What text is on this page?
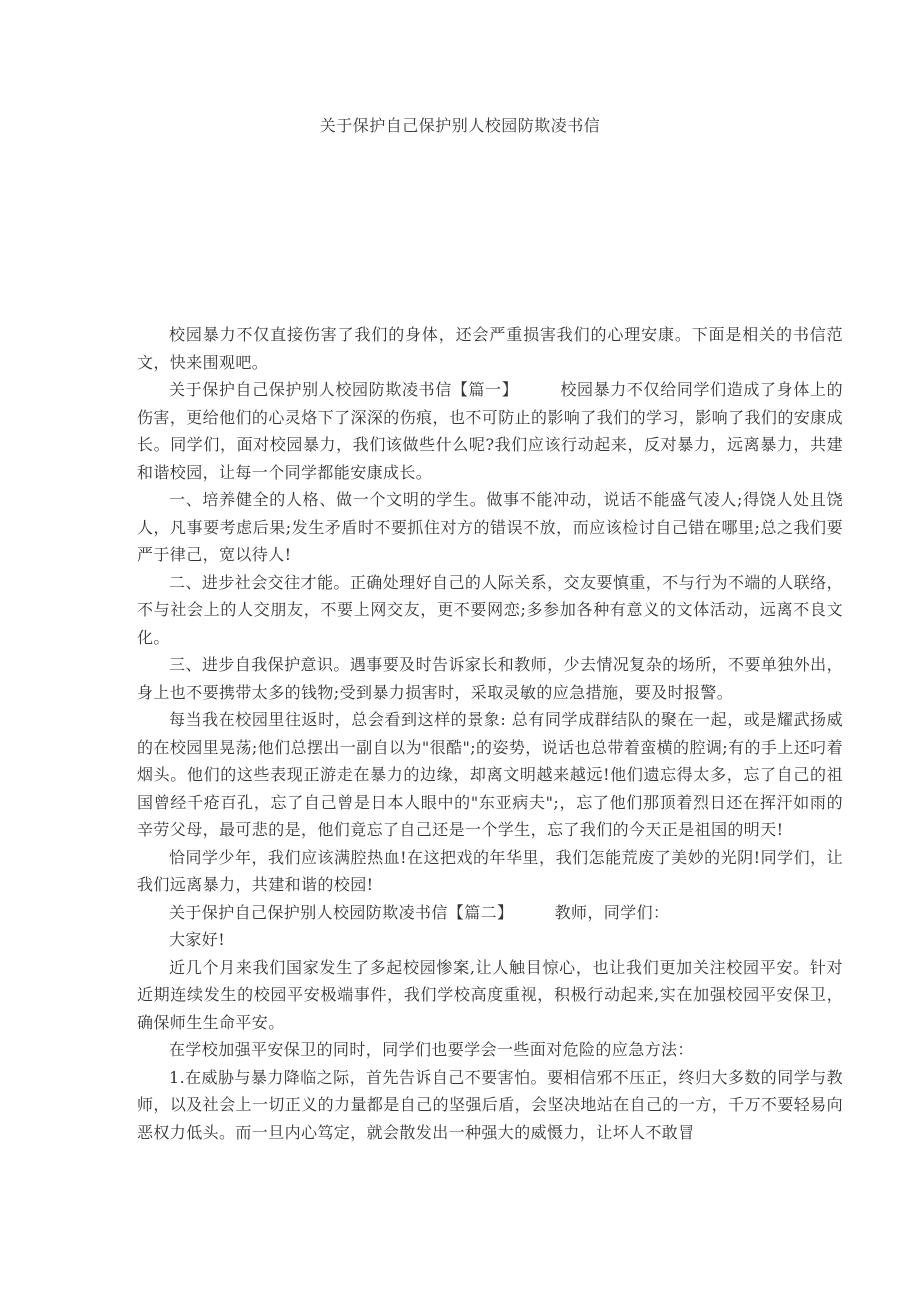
关于保护自己保护别人校园防欺凌书信

校园暴力不仅直接伤害了我们的身体，还会严重损害我们的心理安康。下面是相关的书信范文，快来围观吧。

关于保护自己保护别人校园防欺凌书信【篇一】　　　校园暴力不仅给同学们造成了身体上的伤害，更给他们的心灵烙下了深深的伤痕，也不可防止的影响了我们的学习，影响了我们的安康成长。同学们，面对校园暴力，我们该做些什么呢?我们应该行动起来，反对暴力，远离暴力，共建和谐校园，让每一个同学都能安康成长。

一、培养健全的人格、做一个文明的学生。做事不能冲动，说话不能盛气凌人;得饶人处且饶人，凡事要考虑后果;发生矛盾时不要抓住对方的错误不放，而应该检讨自己错在哪里;总之我们要严于律己，宽以待人!

二、进步社会交往才能。正确处理好自己的人际关系，交友要慎重，不与行为不端的人联络，不与社会上的人交朋友，不要上网交友，更不要网恋;多参加各种有意义的文体活动，远离不良文化。

三、进步自我保护意识。遇事要及时告诉家长和教师，少去情况复杂的场所，不要单独外出，身上也不要携带太多的钱物;受到暴力损害时，采取灵敏的应急措施，要及时报警。

每当我在校园里往返时，总会看到这样的景象: 总有同学成群结队的聚在一起，或是耀武扬威的在校园里晃荡;他们总摆出一副自以为"很酷";的姿势，说话也总带着蛮横的腔调;有的手上还叼着烟头。他们的这些表现正游走在暴力的边缘，却离文明越来越远!他们遗忘得太多，忘了自己的祖国曾经千疮百孔，忘了自己曾是日本人眼中的"东亚病夫";，忘了他们那顶着烈日还在挥汗如雨的辛劳父母，最可悲的是，他们竟忘了自己还是一个学生，忘了我们的今天正是祖国的明天!

恰同学少年，我们应该满腔热血!在这把戏的年华里，我们怎能荒废了美妙的光阴!同学们，让我们远离暴力，共建和谐的校园!

关于保护自己保护别人校园防欺凌书信【篇二】　　　教师，同学们：

大家好!

近几个月来我们国家发生了多起校园惨案,让人触目惊心，也让我们更加关注校园平安。针对近期连续发生的校园平安极端事件，我们学校高度重视，积极行动起来,实在加强校园平安保卫，确保师生生命平安。

在学校加强平安保卫的同时，同学们也要学会一些面对危险的应急方法：

1.在威胁与暴力降临之际，首先告诉自己不要害怕。要相信邪不压正，终归大多数的同学与教师，以及社会上一切正义的力量都是自己的坚强后盾，会坚决地站在自己的一方，千万不要轻易向恶权力低头。而一旦内心笃定，就会散发出一种强大的威慑力，让坏人不敢冒
